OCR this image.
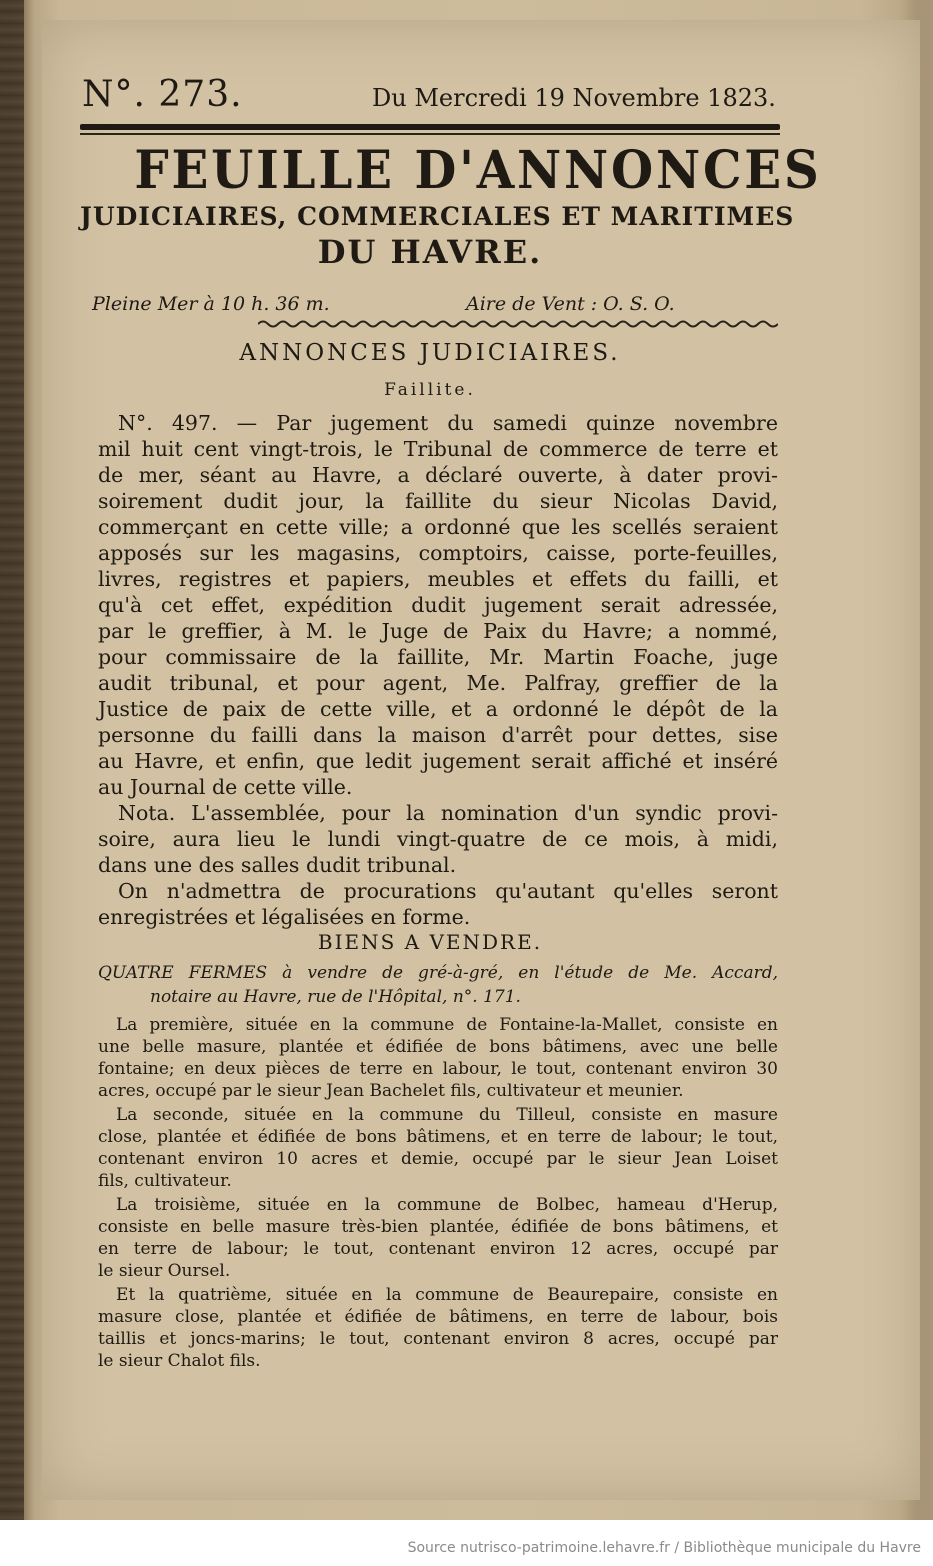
N°. 273.	Du Mercredi 19 Novembre 1823.
FEUILLE D'ANNONCES
JUDICIAIRES, COMMERCIALES ET MARITIMES
DU HAVRE.
Pleine Mer à 10 h. 36 m.	Aire de Vent : O. S. O.
ANNONCES JUDICIAIRES.
Faillite.
N°. 497. — Par jugement du samedi quinze novembre
mil huit cent vingt-trois, le Tribunal de commerce de terre et
de mer, séant au Havre, a déclaré ouverte, à dater provi-
soirement dudit jour, la faillite du sieur Nicolas David,
commerçant en cette ville; a ordonné que les scellés seraient
apposés sur les magasins, comptoirs, caisse, porte-feuilles,
livres, registres et papiers, meubles et effets du failli, et
qu'à cet effet, expédition dudit jugement serait adressée,
par le greffier, à M. le Juge de Paix du Havre; a nommé,
pour commissaire de la faillite, Mr. Martin Foache, juge
audit tribunal, et pour agent, Me. Palfray, greffier de la
Justice de paix de cette ville, et a ordonné le dépôt de la
personne du failli dans la maison d'arrêt pour dettes, sise
au Havre, et enfin, que ledit jugement serait affiché et inséré
au Journal de cette ville.
Nota. L'assemblée, pour la nomination d'un syndic provi-
soire, aura lieu le lundi vingt-quatre de ce mois, à midi,
dans une des salles dudit tribunal.
On n'admettra de procurations qu'autant qu'elles seront
enregistrées et légalisées en forme.
BIENS A VENDRE.
QUATRE FERMES à vendre de gré-à-gré, en l'étude de Me. Accard,
notaire au Havre, rue de l'Hôpital, n°. 171.
La première, située en la commune de Fontaine-la-Mallet, consiste en
une belle masure, plantée et édifiée de bons bâtimens, avec une belle
fontaine; en deux pièces de terre en labour, le tout, contenant environ 30
acres, occupé par le sieur Jean Bachelet fils, cultivateur et meunier.
La seconde, située en la commune du Tilleul, consiste en masure
close, plantée et édifiée de bons bâtimens, et en terre de labour; le tout,
contenant environ 10 acres et demie, occupé par le sieur Jean Loiset
fils, cultivateur.
La troisième, située en la commune de Bolbec, hameau d'Herup,
consiste en belle masure très-bien plantée, édifiée de bons bâtimens, et
en terre de labour; le tout, contenant environ 12 acres, occupé par
le sieur Oursel.
Et la quatrième, située en la commune de Beaurepaire, consiste en
masure close, plantée et édifiée de bâtimens, en terre de labour, bois
taillis et joncs-marins; le tout, contenant environ 8 acres, occupé par
le sieur Chalot fils.
Source nutrisco-patrimoine.lehavre.fr / Bibliothèque municipale du Havre
